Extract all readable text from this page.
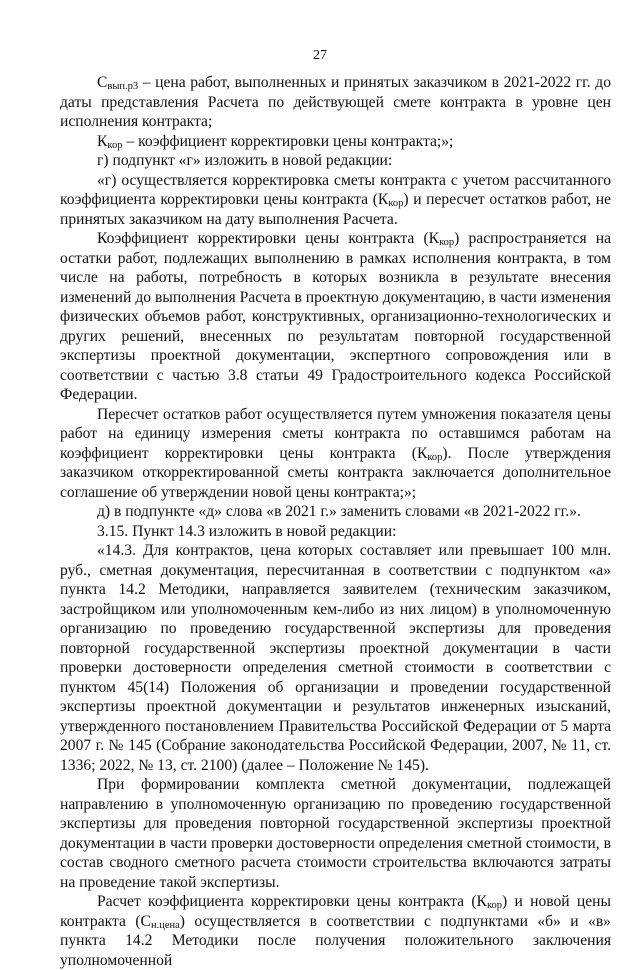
27

$С_{вып.р3}$ – цена работ, выполненных и принятых заказчиком в 2021-2022 гг. до даты представления Расчета по действующей смете контракта в уровне цен исполнения контракта;

$К_{кор}$ – коэффициент корректировки цены контракта;»;

г) подпункт «г» изложить в новой редакции:

«г) осуществляется корректировка сметы контракта с учетом рассчитанного коэффициента корректировки цены контракта $(К_{кор})$ и пересчет остатков работ, не принятых заказчиком на дату выполнения Расчета.

Коэффициент корректировки цены контракта $(К_{кор})$ распространяется на остатки работ, подлежащих выполнению в рамках исполнения контракта, в том числе на работы, потребность в которых возникла в результате внесения изменений до выполнения Расчета в проектную документацию, в части изменения физических объемов работ, конструктивных, организационно-технологических и других решений, внесенных по результатам повторной государственной экспертизы проектной документации, экспертного сопровождения или в соответствии с частью 3.8 статьи 49 Градостроительного кодекса Российской Федерации.

Пересчет остатков работ осуществляется путем умножения показателя цены работ на единицу измерения сметы контракта по оставшимся работам на коэффициент корректировки цены контракта $(К_{кор})$. После утверждения заказчиком откорректированной сметы контракта заключается дополнительное соглашение об утверждении новой цены контракта;»;

д) в подпункте «д» слова «в 2021 г.» заменить словами «в 2021-2022 гг.».

3.15. Пункт 14.3 изложить в новой редакции:

«14.3. Для контрактов, цена которых составляет или превышает 100 млн. руб., сметная документация, пересчитанная в соответствии с подпунктом «а» пункта 14.2 Методики, направляется заявителем (техническим заказчиком, застройщиком или уполномоченным кем-либо из них лицом) в уполномоченную организацию по проведению государственной экспертизы для проведения повторной государственной экспертизы проектной документации в части проверки достоверности определения сметной стоимости в соответствии с пунктом 45(14) Положения об организации и проведении государственной экспертизы проектной документации и результатов инженерных изысканий, утвержденного постановлением Правительства Российской Федерации от 5 марта 2007 г. № 145 (Собрание законодательства Российской Федерации, 2007, № 11, ст. 1336; 2022, № 13, ст. 2100) (далее – Положение № 145).

При формировании комплекта сметной документации, подлежащей направлению в уполномоченную организацию по проведению государственной экспертизы для проведения повторной государственной экспертизы проектной документации в части проверки достоверности определения сметной стоимости, в состав сводного сметного расчета стоимости строительства включаются затраты на проведение такой экспертизы.

Расчет коэффициента корректировки цены контракта $(К_{кор})$ и новой цены контракта $(С_{н.цена})$ осуществляется в соответствии с подпунктами «б» и «в» пункта 14.2 Методики после получения положительного заключения уполномоченной
